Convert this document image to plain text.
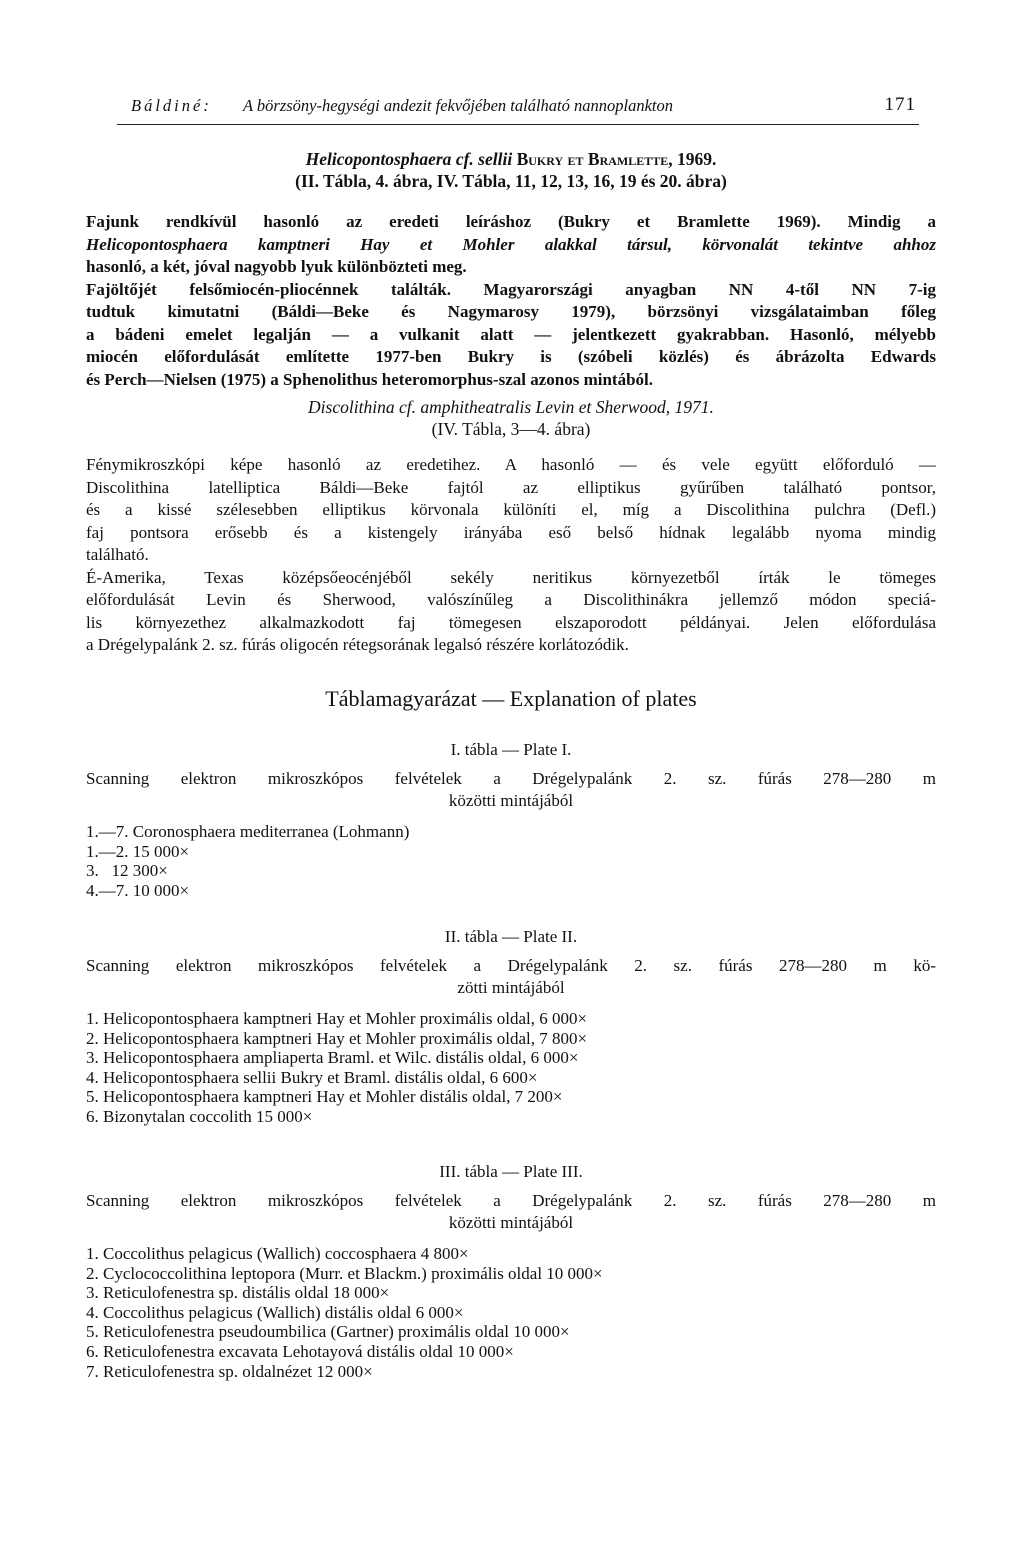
Báldiné: A börzsöny-hegységi andezit fekvőjében található nannoplankton	171
Helicopontosphaera cf. sellii Bukry et Bramlette, 1969.
(II. Tábla, 4. ábra, IV. Tábla, 11, 12, 13, 16, 19 és 20. ábra)
Fajunk rendkívül hasonló az eredeti leíráshoz (Bukry et Bramlette 1969). Mindig a
Helicopontosphaera kamptneri Hay et Mohler alakkal társul, körvonalát tekintve ahhoz
hasonló, a két, jóval nagyobb lyuk különbözteti meg.
Fajöltőjét felsőmiocén-pliocénnek találták. Magyarországi anyagban NN 4-től NN 7-ig
tudtuk kimutatni (Báldi—Beke és Nagymarosy 1979), börzsönyi vizsgálataimban főleg
a bádeni emelet legalján — a vulkanit alatt — jelentkezett gyakrabban. Hasonló, mélyebb
miocén előfordulását említette 1977-ben Bukry is (szóbeli közlés) és ábrázolta Edwards
és Perch—Nielsen (1975) a Sphenolithus heteromorphus-szal azonos mintából.
Discolithina cf. amphitheatralis Levin et Sherwood, 1971.
(IV. Tábla, 3—4. ábra)
Fénymikroszkópi képe hasonló az eredetihez. A hasonló — és vele együtt előforduló —
Discolithina latelliptica Báldi—Beke fajtól az elliptikus gyűrűben található pontsor,
és a kissé szélesebben elliptikus körvonala különíti el, míg a Discolithina pulchra (Defl.)
faj pontsora erősebb és a kistengely irányába eső belső hídnak legalább nyoma mindig
található.
É-Amerika, Texas középsőeocénjéből sekély neritikus környezetből írták le tömeges
előfordulását Levin és Sherwood, valószínűleg a Discolithinákra jellemző módon speciá-
lis környezethez alkalmazkodott faj tömegesen elszaporodott példányai. Jelen előfordulása
a Drégelypalánk 2. sz. fúrás oligocén rétegsorának legalsó részére korlátozódik.
Táblamagyarázat — Explanation of plates
I. tábla — Plate I.
Scanning elektron mikroszkópos felvételek a Drégelypalánk 2. sz. fúrás 278—280 m
közötti mintájából
1.—7. Coronosphaera mediterranea (Lohmann)
1.—2. 15 000×
3.   12 300×
4.—7. 10 000×
II. tábla — Plate II.
Scanning elektron mikroszkópos felvételek a Drégelypalánk 2. sz. fúrás 278—280 m kö-
zötti mintájából
1. Helicopontosphaera kamptneri Hay et Mohler proximális oldal, 6 000×
2. Helicopontosphaera kamptneri Hay et Mohler proximális oldal, 7 800×
3. Helicopontosphaera ampliaperta Braml. et Wilc. distális oldal, 6 000×
4. Helicopontosphaera sellii Bukry et Braml. distális oldal, 6 600×
5. Helicopontosphaera kamptneri Hay et Mohler distális oldal, 7 200×
6. Bizonytalan coccolith 15 000×
III. tábla — Plate III.
Scanning elektron mikroszkópos felvételek a Drégelypalánk 2. sz. fúrás 278—280 m
közötti mintájából
1. Coccolithus pelagicus (Wallich) coccosphaera 4 800×
2. Cyclococcolithina leptopora (Murr. et Blackm.) proximális oldal 10 000×
3. Reticulofenestra sp. distális oldal 18 000×
4. Coccolithus pelagicus (Wallich) distális oldal 6 000×
5. Reticulofenestra pseudoumbilica (Gartner) proximális oldal 10 000×
6. Reticulofenestra excavata Lehotayová distális oldal 10 000×
7. Reticulofenestra sp. oldalnézet 12 000×
